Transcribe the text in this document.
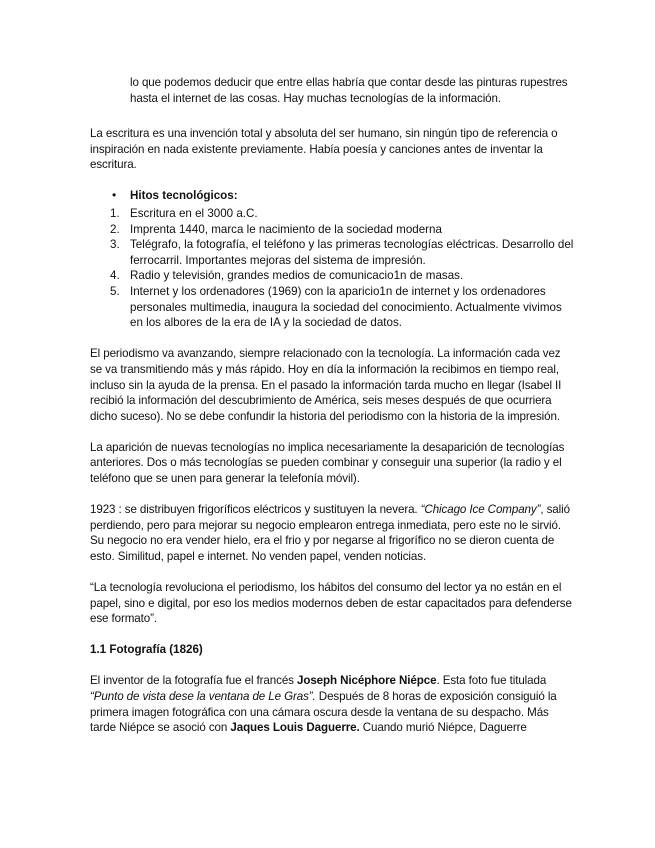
lo que podemos deducir que entre ellas habría que contar desde las pinturas rupestres hasta el internet de las cosas. Hay muchas tecnologías de la información.

La escritura es una invención total y absoluta del ser humano, sin ningún tipo de referencia o inspiración en nada existente previamente. Había poesía y canciones antes de inventar la escritura.

• Hitos tecnológicos:
1. Escritura en el 3000 a.C.
2. Imprenta 1440, marca le nacimiento de la sociedad moderna
3. Telégrafo, la fotografía, el teléfono y las primeras tecnologías eléctricas. Desarrollo del ferrocarril. Importantes mejoras del sistema de impresión.
4. Radio y televisión, grandes medios de comunicacio1n de masas.
5. Internet y los ordenadores (1969) con la aparicio1n de internet y los ordenadores personales multimedia, inaugura la sociedad del conocimiento. Actualmente vivimos en los albores de la era de IA y la sociedad de datos.

El periodismo va avanzando, siempre relacionado con la tecnología. La información cada vez se va transmitiendo más y más rápido. Hoy en día la información la recibimos en tiempo real, incluso sin la ayuda de la prensa. En el pasado la información tarda mucho en llegar (Isabel II recibió la información del descubrimiento de América, seis meses después de que ocurriera dicho suceso). No se debe confundir la historia del periodismo con la historia de la impresión.

La aparición de nuevas tecnologías no implica necesariamente la desaparición de tecnologías anteriores. Dos o más tecnologías se pueden combinar y conseguir una superior (la radio y el teléfono que se unen para generar la telefonía móvil).

1923 : se distribuyen frigoríficos eléctricos y sustituyen la nevera. “Chicago Ice Company”, salió perdiendo, pero para mejorar su negocio emplearon entrega inmediata, pero este no le sirvió. Su negocio no era vender hielo, era el frio y por negarse al frigorífico no se dieron cuenta de esto. Similitud, papel e internet. No venden papel, venden noticias.

“La tecnología revoluciona el periodismo, los hábitos del consumo del lector ya no están en el papel, sino e digital, por eso los medios modernos deben de estar capacitados para defenderse ese formato”.

1.1 Fotografía (1826)

El inventor de la fotografía fue el francés Joseph Nicéphore Niépce. Esta foto fue titulada “Punto de vista dese la ventana de Le Gras”. Después de 8 horas de exposición consiguió la primera imagen fotográfica con una cámara oscura desde la ventana de su despacho. Más tarde Niépce se asoció con Jaques Louis Daguerre. Cuando murió Niépce, Daguerre
